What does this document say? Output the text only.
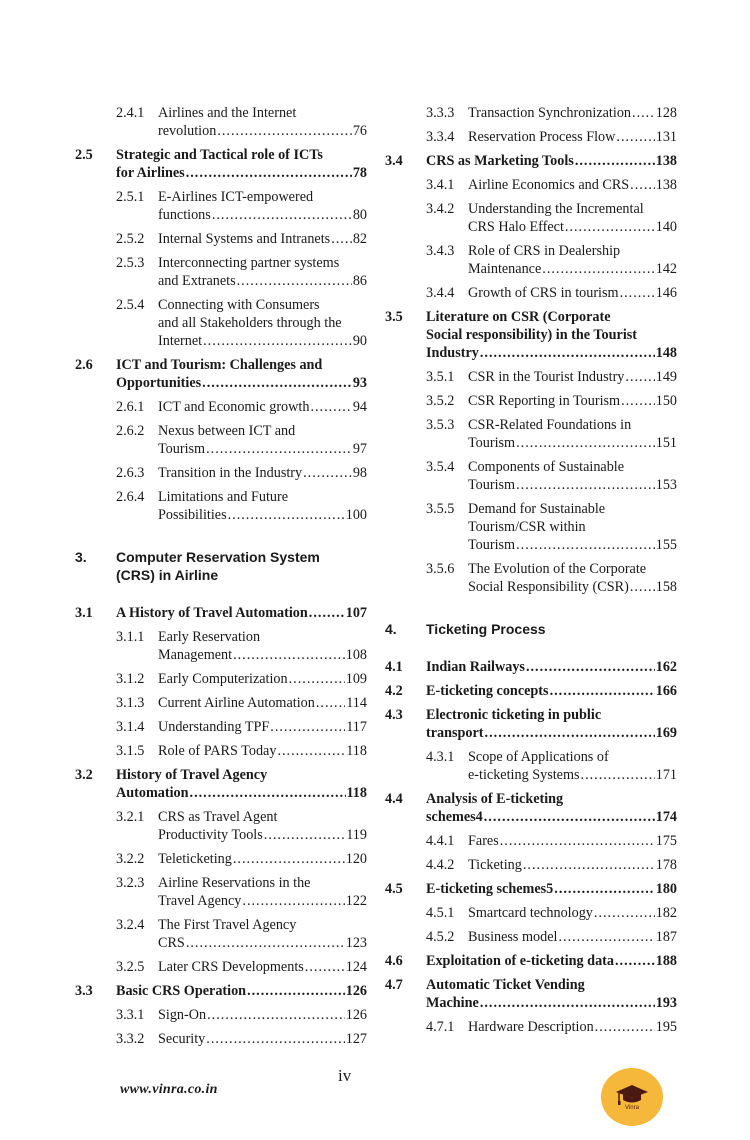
2.4.1 Airlines and the Internet
revolution .....	76
2.5 Strategic and Tactical role of ICTs
for Airlines .....	78
2.5.1 E-Airlines ICT-empowered
functions .....	80
2.5.2 Internal Systems and Intranets ..... 82
2.5.3 Interconnecting partner systems
and Extranets .....	86
2.5.4 Connecting with Consumers
and all Stakeholders through the
Internet .....	90
2.6 ICT and Tourism: Challenges and
Opportunities .....	93
2.6.1 ICT and Economic growth .....	94
2.6.2 Nexus between ICT and
Tourism .....	97
2.6.3 Transition in the Industry .....	98
2.6.4 Limitations and Future
Possibilities .....	100
3. Computer Reservation System
(CRS) in Airline
3.1 A History of Travel Automation .....	107
3.1.1 Early Reservation
Management .....	108
3.1.2 Early Computerization .....	109
3.1.3 Current Airline Automation ..... 114
3.1.4 Understanding TPF .....	117
3.1.5 Role of PARS Today .....	118
3.2 History of Travel Agency
Automation .....	118
3.2.1 CRS as Travel Agent
Productivity Tools .....	119
3.2.2 Teleticketing .....	120
3.2.3 Airline Reservations in the
Travel Agency .....	122
3.2.4 The First Travel Agency
CRS .....	123
3.2.5 Later CRS Developments .....	124
3.3 Basic CRS Operation .....	126
3.3.1 Sign-On .....	126
3.3.2 Security .....	127
3.3.3 Transaction Synchronization ..... 128
3.3.4 Reservation Process Flow .....	131
3.4 CRS as Marketing Tools .....	138
3.4.1 Airline Economics and CRS ..... 138
3.4.2 Understanding the Incremental
CRS Halo Effect .....	140
3.4.3 Role of CRS in Dealership
Maintenance .....	142
3.4.4 Growth of CRS in tourism .....	146
3.5 Literature on CSR (Corporate
Social responsibility) in the Tourist
Industry .....	148
3.5.1 CSR in the Tourist Industry ..... 149
3.5.2 CSR Reporting in Tourism .....	150
3.5.3 CSR-Related Foundations in
Tourism .....	151
3.5.4 Components of Sustainable
Tourism .....	153
3.5.5 Demand for Sustainable
Tourism/CSR within
Tourism .....	155
3.5.6 The Evolution of the Corporate
Social Responsibility (CSR) ..... 158
4. Ticketing Process
4.1 Indian Railways .....	162
4.2 E-ticketing concepts .....	166
4.3 Electronic ticketing in public
transport .....	169
4.3.1 Scope of Applications of
e-ticketing Systems .....	171
4.4 Analysis of E-ticketing
schemes4 .....	174
4.4.1 Fares .....	175
4.4.2 Ticketing .....	178
4.5 E-ticketing schemes5 .....	180
4.5.1 Smartcard technology .....	182
4.5.2 Business model .....	187
4.6 Exploitation of e-ticketing data .....	188
4.7 Automatic Ticket Vending
Machine .....	193
4.7.1 Hardware Description .....	195
iv
www.vinra.co.in
Vinra
